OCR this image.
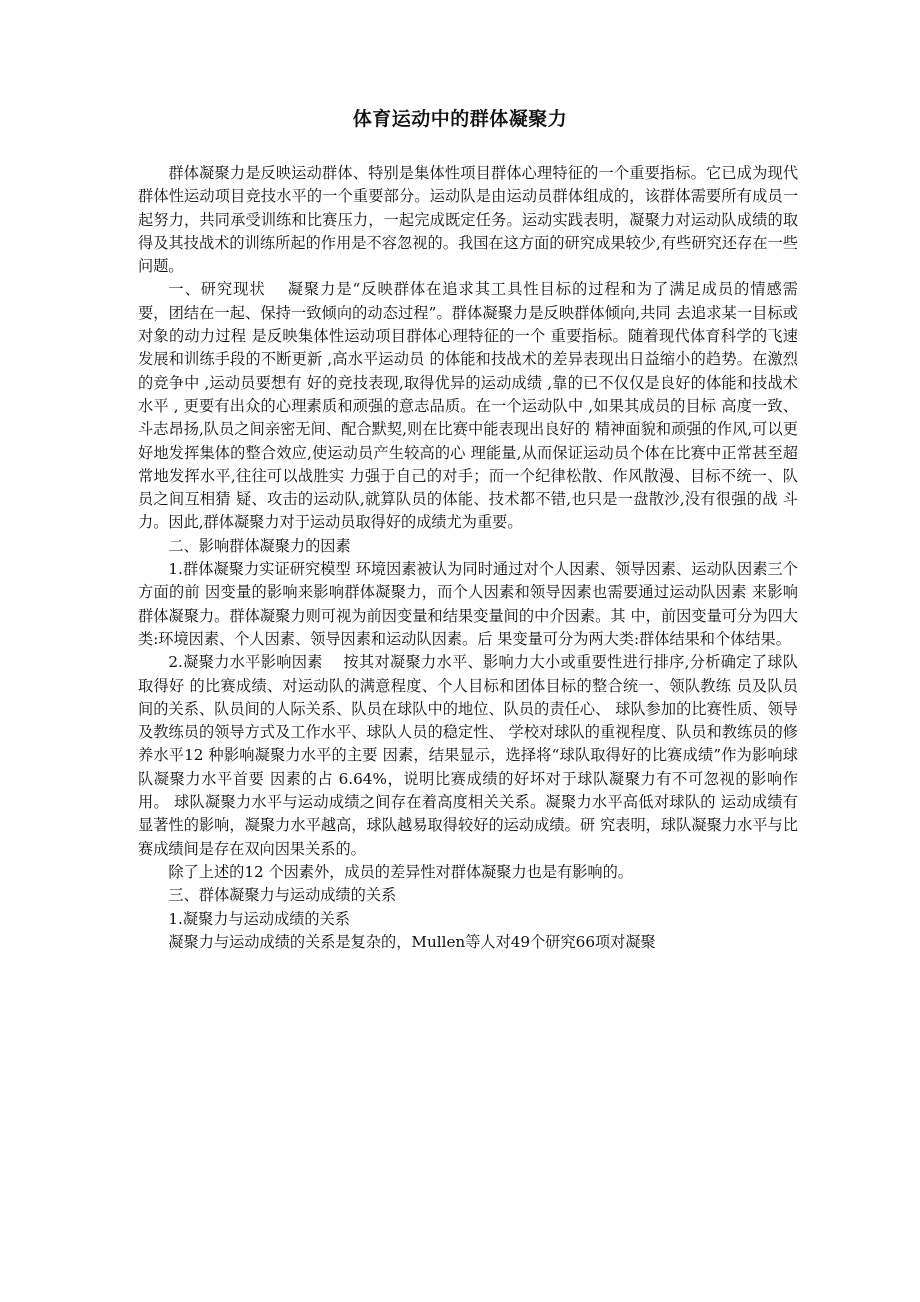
体育运动中的群体凝聚力

群体凝聚力是反映运动群体、特别是集体性项目群体心理特征的一个重要指标。它已成为现代群体性运动项目竞技水平的一个重要部分。运动队是由运动员群体组成的，该群体需要所有成员一起努力，共同承受训练和比赛压力，一起完成既定任务。运动实践表明，凝聚力对运动队成绩的取得及其技战术的训练所起的作用是不容忽视的。我国在这方面的研究成果较少,有些研究还存在一些问题。

一、研究现状　 凝聚力是“反映群体在追求其工具性目标的过程和为了满足成员的情感需　 要，团结在一起、保持一致倾向的动态过程”。群体凝聚力是反映群体倾向,共同 去追求某一目标或对象的动力过程 是反映集体性运动项目群体心理特征的一个 重要指标。随着现代体育科学的飞速发展和训练手段的不断更新 ,高水平运动员 的体能和技战术的差异表现出日益缩小的趋势。在激烈的竞争中 ,运动员要想有 好的竞技表现,取得优异的运动成绩 ,靠的已不仅仅是良好的体能和技战术水平 , 更要有出众的心理素质和顽强的意志品质。在一个运动队中 ,如果其成员的目标 高度一致、斗志昂扬,队员之间亲密无间、配合默契,则在比赛中能表现出良好的 精神面貌和顽强的作风,可以更好地发挥集体的整合效应,使运动员产生较高的心 理能量,从而保证运动员个体在比赛中正常甚至超常地发挥水平,往往可以战胜实 力强于自己的对手；而一个纪律松散、作风散漫、目标不统一、队员之间互相猜 疑、攻击的运动队,就算队员的体能、技术都不错,也只是一盘散沙,没有很强的战 斗力。因此,群体凝聚力对于运动员取得好的成绩尤为重要。

二、影响群体凝聚力的因素

1.群体凝聚力实证研究模型 环境因素被认为同时通过对个人因素、领导因素、运动队因素三个方面的前 因变量的影响来影响群体凝聚力，而个人因素和领导因素也需要通过运动队因素 来影响群体凝聚力。群体凝聚力则可视为前因变量和结果变量间的中介因素。其 中，前因变量可分为四大类:环境因素、个人因素、领导因素和运动队因素。后 果变量可分为两大类:群体结果和个体结果。

2.凝聚力水平影响因素　 按其对凝聚力水平、影响力大小或重要性进行排序,分析确定了球队取得好 的比赛成绩、对运动队的满意程度、个人目标和团体目标的整合统一、领队教练 员及队员间的关系、队员间的人际关系、队员在球队中的地位、队员的责任心、 球队参加的比赛性质、领导及教练员的领导方式及工作水平、球队人员的稳定性、 学校对球队的重视程度、队员和教练员的修养水平12 种影响凝聚力水平的主要 因素，结果显示，选择将“球队取得好的比赛成绩”作为影响球队凝聚力水平首要 因素的占 6.64%，说明比赛成绩的好坏对于球队凝聚力有不可忽视的影响作用。 球队凝聚力水平与运动成绩之间存在着高度相关关系。凝聚力水平高低对球队的 运动成绩有显著性的影响，凝聚力水平越高，球队越易取得较好的运动成绩。研 究表明，球队凝聚力水平与比赛成绩间是存在双向因果关系的。

除了上述的12 个因素外，成员的差异性对群体凝聚力也是有影响的。

三、群体凝聚力与运动成绩的关系

1.凝聚力与运动成绩的关系

凝聚力与运动成绩的关系是复杂的，Mullen等人对49个研究66项对凝聚
